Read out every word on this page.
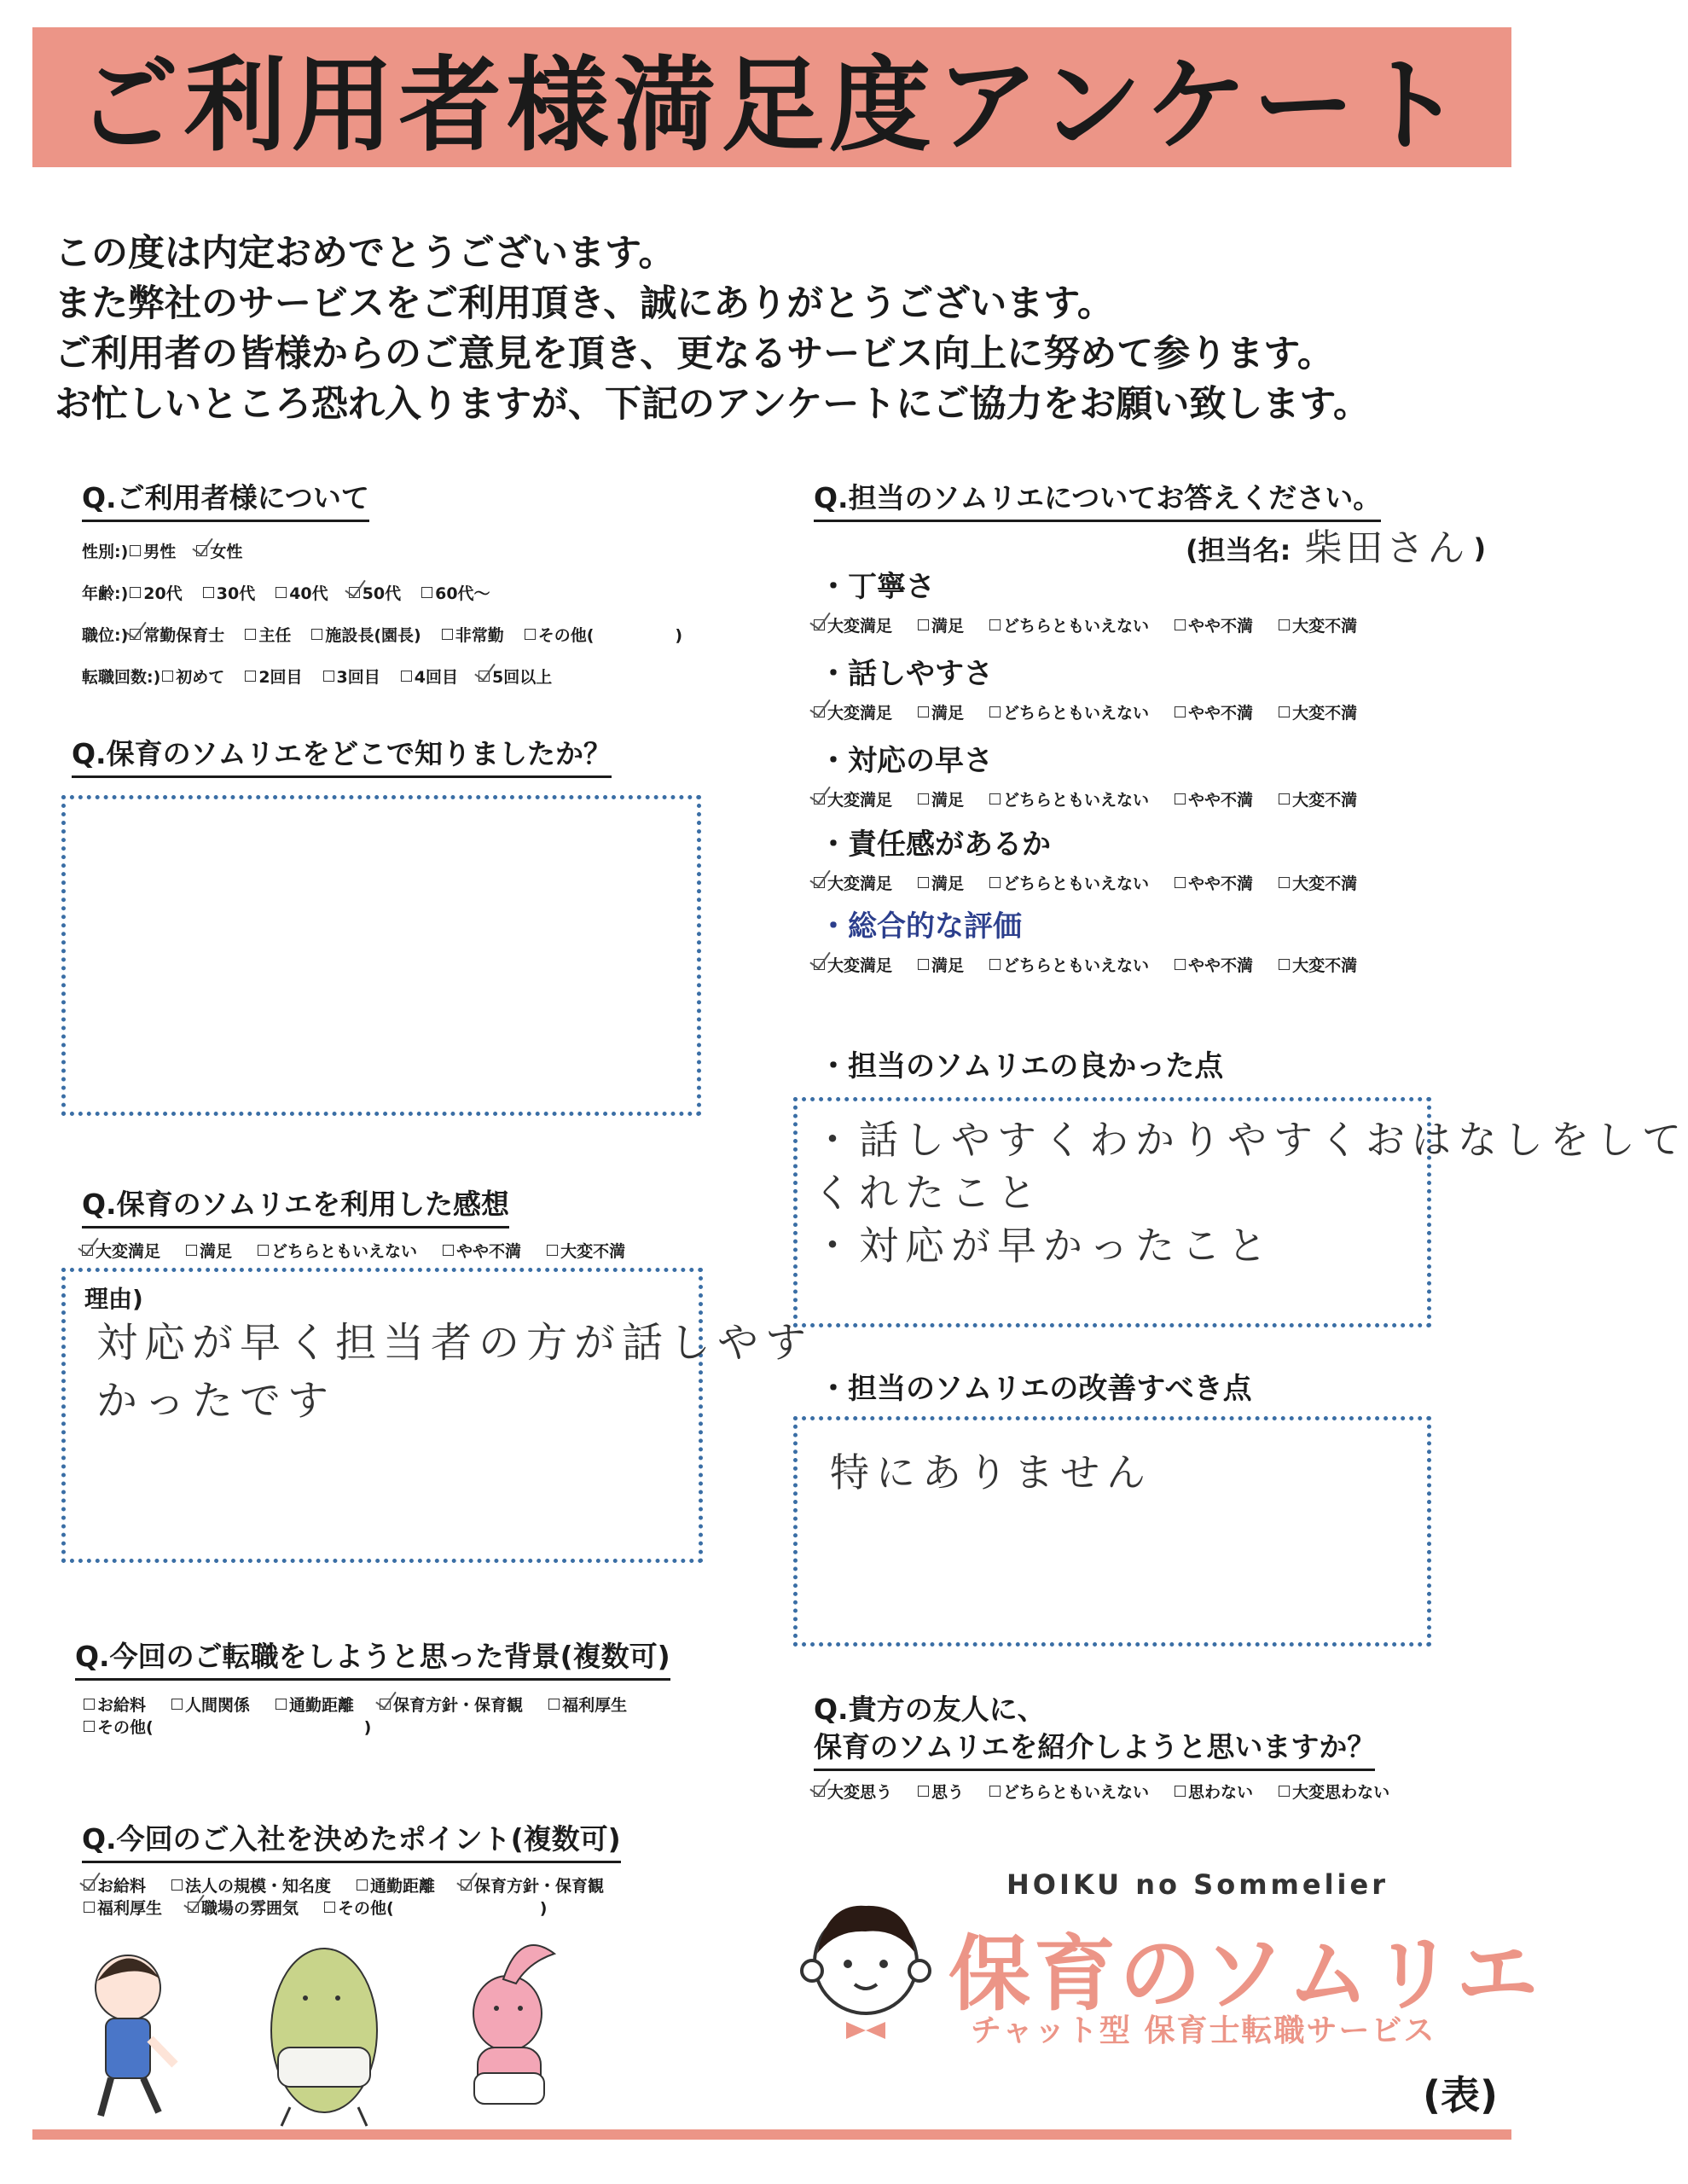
ご利用者様満足度アンケート
この度は内定おめでとうございます。
また弊社のサービスをご利用頂き、誠にありがとうございます。
ご利用者の皆様からのご意見を頂き、更なるサービス向上に努めて参ります。
お忙しいところ恐れ入りますが、下記のアンケートにご協力をお願い致します。
Q.ご利用者様について
性別:) 男性 女性
年齢:) 20代 30代 40代 50代 60代～
職位:) 常勤保育士 主任 施設長(園長) 非常勤 その他(　　　　　)
転職回数:) 初めて 2回目 3回目 4回目 5回以上
Q.保育のソムリエをどこで知りましたか？
Q.保育のソムリエを利用した感想
大変満足 満足 どちらともいえない やや不満 大変不満
理由)
対応が早く担当者の方が話しやす
かったです
Q.今回のご転職をしようと思った背景(複数可)
お給料 人間関係 通勤距離 保育方針・保育観 福利厚生
その他(　　　　　　　　　　　　　)
Q.今回のご入社を決めたポイント(複数可)
お給料 法人の規模・知名度 通勤距離 保育方針・保育観
福利厚生 職場の雰囲気 その他(　　　　　　　　　)
Q.担当のソムリエについてお答えください。
(担当名: 柴田さん )
・丁寧さ
大変満足 満足 どちらともいえない やや不満 大変不満
・話しやすさ
大変満足 満足 どちらともいえない やや不満 大変不満
・対応の早さ
大変満足 満足 どちらともいえない やや不満 大変不満
・責任感があるか
大変満足 満足 どちらともいえない やや不満 大変不満
・総合的な評価
大変満足 満足 どちらともいえない やや不満 大変不満
・担当のソムリエの良かった点
・話しやすくわかりやすくおはなしをして
くれたこと
・対応が早かったこと
・担当のソムリエの改善すべき点
特にありません
Q.貴方の友人に、
保育のソムリエを紹介しようと思いますか？
大変思う 思う どちらともいえない 思わない 大変思わない
HOIKU no Sommelier
保育のソムリエ
チャット型 保育士転職サービス
(表)
